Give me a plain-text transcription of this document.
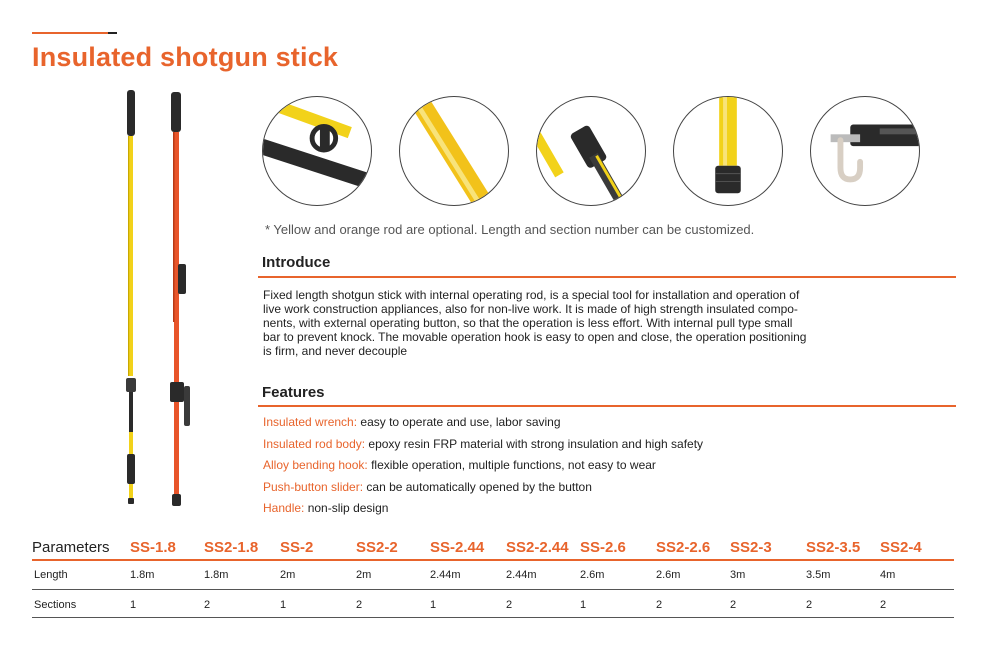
Insulated shotgun stick

* Yellow and orange rod are optional. Length and section number can be customized.

Introduce
Fixed length shotgun stick with internal operating rod, is a special tool for installation and operation of
live work construction appliances, also for non-live work. It is made of high strength insulated compo-
nents, with external operating button, so that the operation is less effort. With internal pull type small
bar to prevent knock. The movable operation hook is easy to open and close, the operation positioning
is firm, and never decouple
Features
Insulated wrench: easy to operate and use, labor saving
Insulated rod body: epoxy resin FRP material with strong insulation and high safety
Alloy bending hook: flexible operation, multiple functions, not easy to wear
Push-button slider: can be automatically opened by the button
Handle: non-slip design
Parameters SS-1.8 SS2-1.8 SS-2	SS2-2 SS-2.44 SS2-2.44 SS-2.6 SS2-2.6 SS2-3 SS2-3.5 SS2-4
Length	1.8m	1.8m	2m	2m	2.44m	2.44m	2.6m	2.6m	3m	3.5m	4m
Sections	1	2	1	2	1	2	1	2	2	2	2
